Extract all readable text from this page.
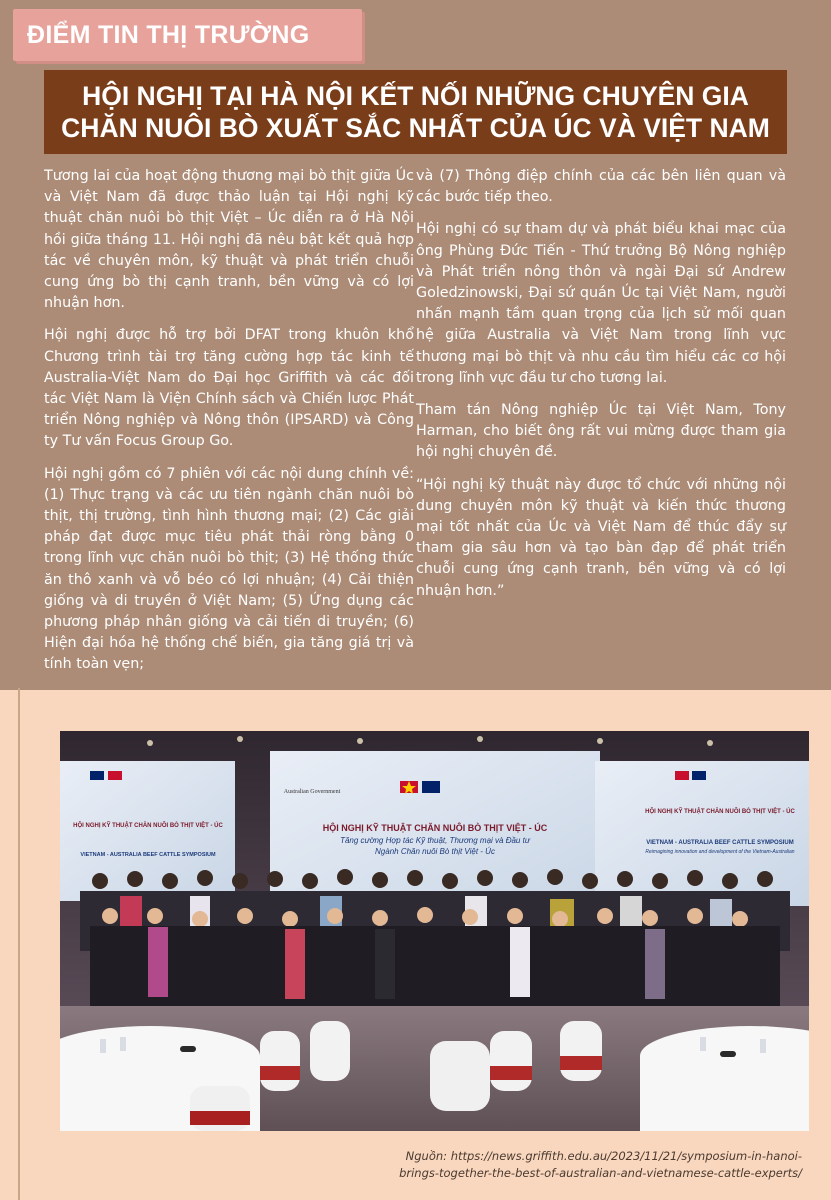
ĐIỂM TIN THỊ TRƯỜNG
HỘI NGHỊ TẠI HÀ NỘI KẾT NỐI NHỮNG CHUYÊN GIA
CHĂN NUÔI BÒ XUẤT SẮC NHẤT CỦA ÚC VÀ VIỆT NAM

Tương lai của hoạt động thương mại bò thịt giữa Úc và Việt Nam đã được thảo luận tại Hội nghị kỹ thuật chăn nuôi bò thịt Việt – Úc diễn ra ở Hà Nội hồi giữa tháng 11. Hội nghị đã nêu bật kết quả hợp tác về chuyên môn, kỹ thuật và phát triển chuỗi cung ứng bò thị cạnh tranh, bền vững và có lợi nhuận hơn.

Hội nghị được hỗ trợ bởi DFAT trong khuôn khổ Chương trình tài trợ tăng cường hợp tác kinh tế Australia-Việt Nam do Đại học Griffith và các đối tác Việt Nam là Viện Chính sách và Chiến lược Phát triển Nông nghiệp và Nông thôn (IPSARD) và Công ty Tư vấn Focus Group Go.

Hội nghị gồm có 7 phiên với các nội dung chính về: (1) Thực trạng và các ưu tiên ngành chăn nuôi bò thịt, thị trường, tình hình thương mại; (2) Các giải pháp đạt được mục tiêu phát thải ròng bằng 0 trong lĩnh vực chăn nuôi bò thịt; (3) Hệ thống thức ăn thô xanh và vỗ béo có lợi nhuận; (4) Cải thiện giống và di truyền ở Việt Nam; (5) Ứng dụng các phương pháp nhân giống và cải tiến di truyền; (6) Hiện đại hóa hệ thống chế biến, gia tăng giá trị và tính toàn vẹn;

và (7) Thông điệp chính của các bên liên quan và các bước tiếp theo.

Hội nghị có sự tham dự và phát biểu khai mạc của ông Phùng Đức Tiến - Thứ trưởng Bộ Nông nghiệp và Phát triển nông thôn và ngài Đại sứ Andrew Goledzinowski, Đại sứ quán Úc tại Việt Nam, người nhấn mạnh tầm quan trọng của lịch sử mối quan hệ giữa Australia và Việt Nam trong lĩnh vực thương mại bò thịt và nhu cầu tìm hiểu các cơ hội trong lĩnh vực đầu tư cho tương lai.

Tham tán Nông nghiệp Úc tại Việt Nam, Tony Harman, cho biết ông rất vui mừng được tham gia hội nghị chuyên đề.

“Hội nghị kỹ thuật này được tổ chức với những nội dung chuyên môn kỹ thuật và kiến thức thương mại tốt nhất của Úc và Việt Nam để thúc đẩy sự tham gia sâu hơn và tạo bàn đạp để phát triển chuỗi cung ứng cạnh tranh, bền vững và có lợi nhuận hơn.”

HỘI NGHỊ KỸ THUẬT CHĂN NUÔI BÒ THỊT VIỆT - ÚC
Tăng cường Hợp tác Kỹ thuật, Thương mại và Đầu tư
Ngành Chăn nuôi Bò thịt Việt - Úc
Australian Government
HỘI NGHỊ KỸ THUẬT CHĂN NUÔI BÒ THỊT VIỆT - ÚC
VIETNAM - AUSTRALIA BEEF CATTLE SYMPOSIUM
Reimagining innovation and development of the Vietnam-Australian
HỘI NGHỊ KỸ THUẬT CHĂN NUÔI BÒ THỊT VIỆT - ÚC
VIETNAM - AUSTRALIA BEEF CATTLE SYMPOSIUM
Nguồn: https://news.griffith.edu.au/2023/11/21/symposium-in-hanoi-
brings-together-the-best-of-australian-and-vietnamese-cattle-experts/
